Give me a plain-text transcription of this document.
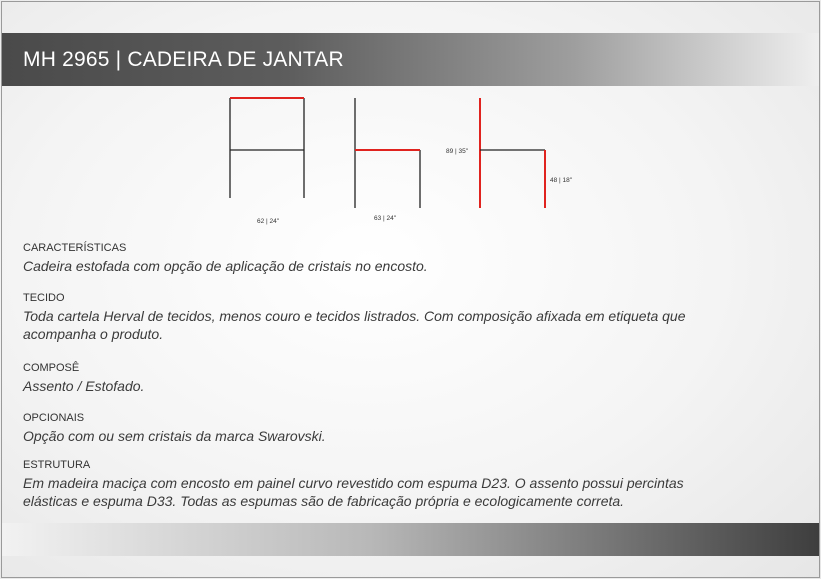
MH 2965 | CADEIRA DE JANTAR
62 | 24"	63 | 24"
89 | 35"
48 | 18"

CARACTERÍSTICAS

Cadeira estofada com opção de aplicação de cristais no encosto.

TECIDO

Toda cartela Herval de tecidos, menos couro e tecidos listrados. Com composição afixada em etiqueta que

acompanha o produto.

COMPOSÊ

Assento / Estofado.

OPCIONAIS

Opção com ou sem cristais da marca Swarovski.

ESTRUTURA

Em madeira maciça com encosto em painel curvo revestido com espuma D23. O assento possui percintas

elásticas e espuma D33. Todas as espumas são de fabricação própria e ecologicamente correta.
